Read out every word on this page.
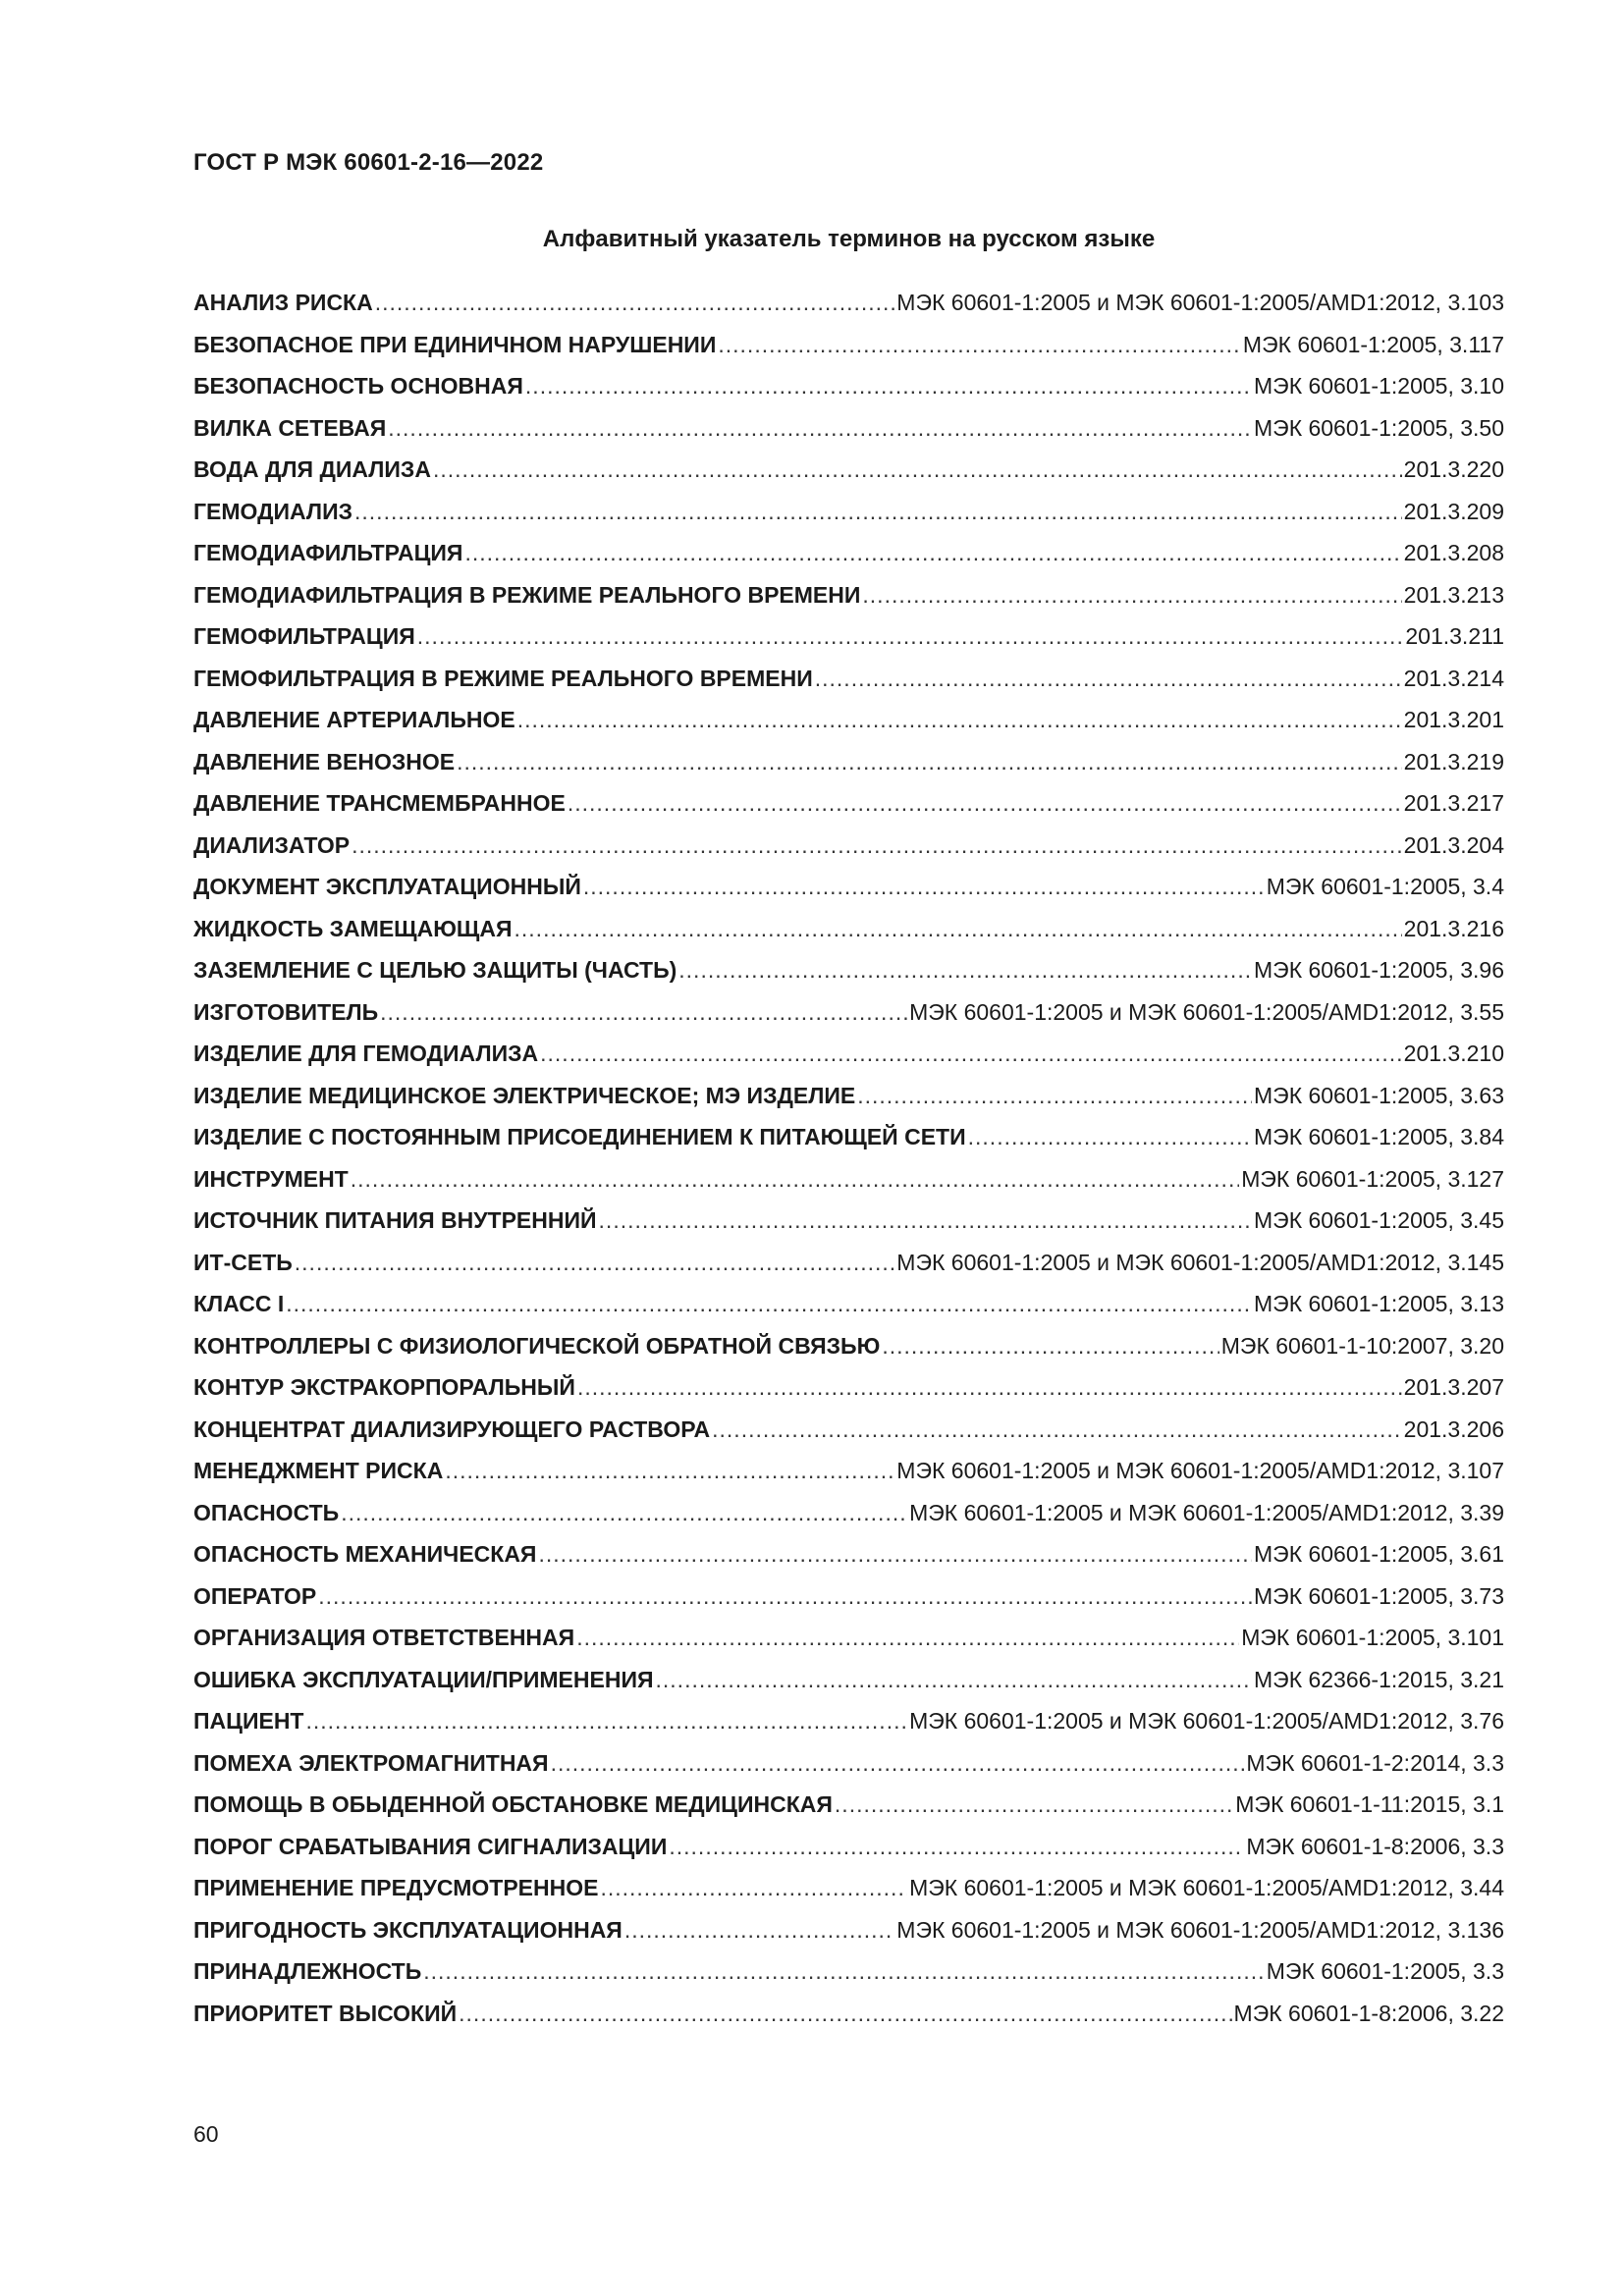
ГОСТ Р МЭК 60601-2-16—2022
Алфавитный указатель терминов на русском языке
АНАЛИЗ РИСКА .....	МЭК 60601-1:2005 и МЭК 60601-1:2005/AMD1:2012, 3.103
БЕЗОПАСНОЕ ПРИ ЕДИНИЧНОМ НАРУШЕНИИ .....	МЭК 60601-1:2005, 3.117
БЕЗОПАСНОСТЬ ОСНОВНАЯ .....	МЭК 60601-1:2005, 3.10
ВИЛКА СЕТЕВАЯ .....	МЭК 60601-1:2005, 3.50
ВОДА ДЛЯ ДИАЛИЗА .....	201.3.220
ГЕМОДИАЛИЗ .....	201.3.209
ГЕМОДИАФИЛЬТРАЦИЯ .....	201.3.208
ГЕМОДИАФИЛЬТРАЦИЯ В РЕЖИМЕ РЕАЛЬНОГО ВРЕМЕНИ .....	201.3.213
ГЕМОФИЛЬТРАЦИЯ .....	201.3.211
ГЕМОФИЛЬТРАЦИЯ В РЕЖИМЕ РЕАЛЬНОГО ВРЕМЕНИ .....	201.3.214
ДАВЛЕНИЕ АРТЕРИАЛЬНОЕ .....	201.3.201
ДАВЛЕНИЕ ВЕНОЗНОЕ .....	201.3.219
ДАВЛЕНИЕ ТРАНСМЕМБРАННОЕ .....	201.3.217
ДИАЛИЗАТОР .....	201.3.204
ДОКУМЕНТ ЭКСПЛУАТАЦИОННЫЙ .....	МЭК 60601-1:2005, 3.4
ЖИДКОСТЬ ЗАМЕЩАЮЩАЯ .....	201.3.216
ЗАЗЕМЛЕНИЕ С ЦЕЛЬЮ ЗАЩИТЫ (ЧАСТЬ) .....	МЭК 60601-1:2005, 3.96
ИЗГОТОВИТЕЛЬ .....	МЭК 60601-1:2005 и МЭК 60601-1:2005/AMD1:2012, 3.55
ИЗДЕЛИЕ ДЛЯ ГЕМОДИАЛИЗА .....	201.3.210
ИЗДЕЛИЕ МЕДИЦИНСКОЕ ЭЛЕКТРИЧЕСКОЕ; МЭ ИЗДЕЛИЕ .....	МЭК 60601-1:2005, 3.63
ИЗДЕЛИЕ С ПОСТОЯННЫМ ПРИСОЕДИНЕНИЕМ К ПИТАЮЩЕЙ СЕТИ .....	МЭК 60601-1:2005, 3.84
ИНСТРУМЕНТ .....	МЭК 60601-1:2005, 3.127
ИСТОЧНИК ПИТАНИЯ ВНУТРЕННИЙ .....	МЭК 60601-1:2005, 3.45
ИТ-СЕТЬ .....	МЭК 60601-1:2005 и МЭК 60601-1:2005/AMD1:2012, 3.145
КЛАСС I .....	МЭК 60601-1:2005, 3.13
КОНТРОЛЛЕРЫ С ФИЗИОЛОГИЧЕСКОЙ ОБРАТНОЙ СВЯЗЬЮ .....	МЭК 60601-1-10:2007, 3.20
КОНТУР ЭКСТРАКОРПОРАЛЬНЫЙ .....	201.3.207
КОНЦЕНТРАТ ДИАЛИЗИРУЮЩЕГО РАСТВОРА .....	201.3.206
МЕНЕДЖМЕНТ РИСКА .....	МЭК 60601-1:2005 и МЭК 60601-1:2005/AMD1:2012, 3.107
ОПАСНОСТЬ .....	МЭК 60601-1:2005 и МЭК 60601-1:2005/AMD1:2012, 3.39
ОПАСНОСТЬ МЕХАНИЧЕСКАЯ .....	МЭК 60601-1:2005, 3.61
ОПЕРАТОР .....	МЭК 60601-1:2005, 3.73
ОРГАНИЗАЦИЯ ОТВЕТСТВЕННАЯ .....	МЭК 60601-1:2005, 3.101
ОШИБКА ЭКСПЛУАТАЦИИ/ПРИМЕНЕНИЯ .....	МЭК 62366-1:2015, 3.21
ПАЦИЕНТ .....	МЭК 60601-1:2005 и МЭК 60601-1:2005/AMD1:2012, 3.76
ПОМЕХА ЭЛЕКТРОМАГНИТНАЯ .....	МЭК 60601-1-2:2014, 3.3
ПОМОЩЬ В ОБЫДЕННОЙ ОБСТАНОВКЕ МЕДИЦИНСКАЯ .....	МЭК 60601-1-11:2015, 3.1
ПОРОГ СРАБАТЫВАНИЯ СИГНАЛИЗАЦИИ .....	МЭК 60601-1-8:2006, 3.3
ПРИМЕНЕНИЕ ПРЕДУСМОТРЕННОЕ .....	МЭК 60601-1:2005 и МЭК 60601-1:2005/AMD1:2012, 3.44
ПРИГОДНОСТЬ ЭКСПЛУАТАЦИОННАЯ .....	МЭК 60601-1:2005 и МЭК 60601-1:2005/AMD1:2012, 3.136
ПРИНАДЛЕЖНОСТЬ .....	МЭК 60601-1:2005, 3.3
ПРИОРИТЕТ ВЫСОКИЙ .....	МЭК 60601-1-8:2006, 3.22
60
